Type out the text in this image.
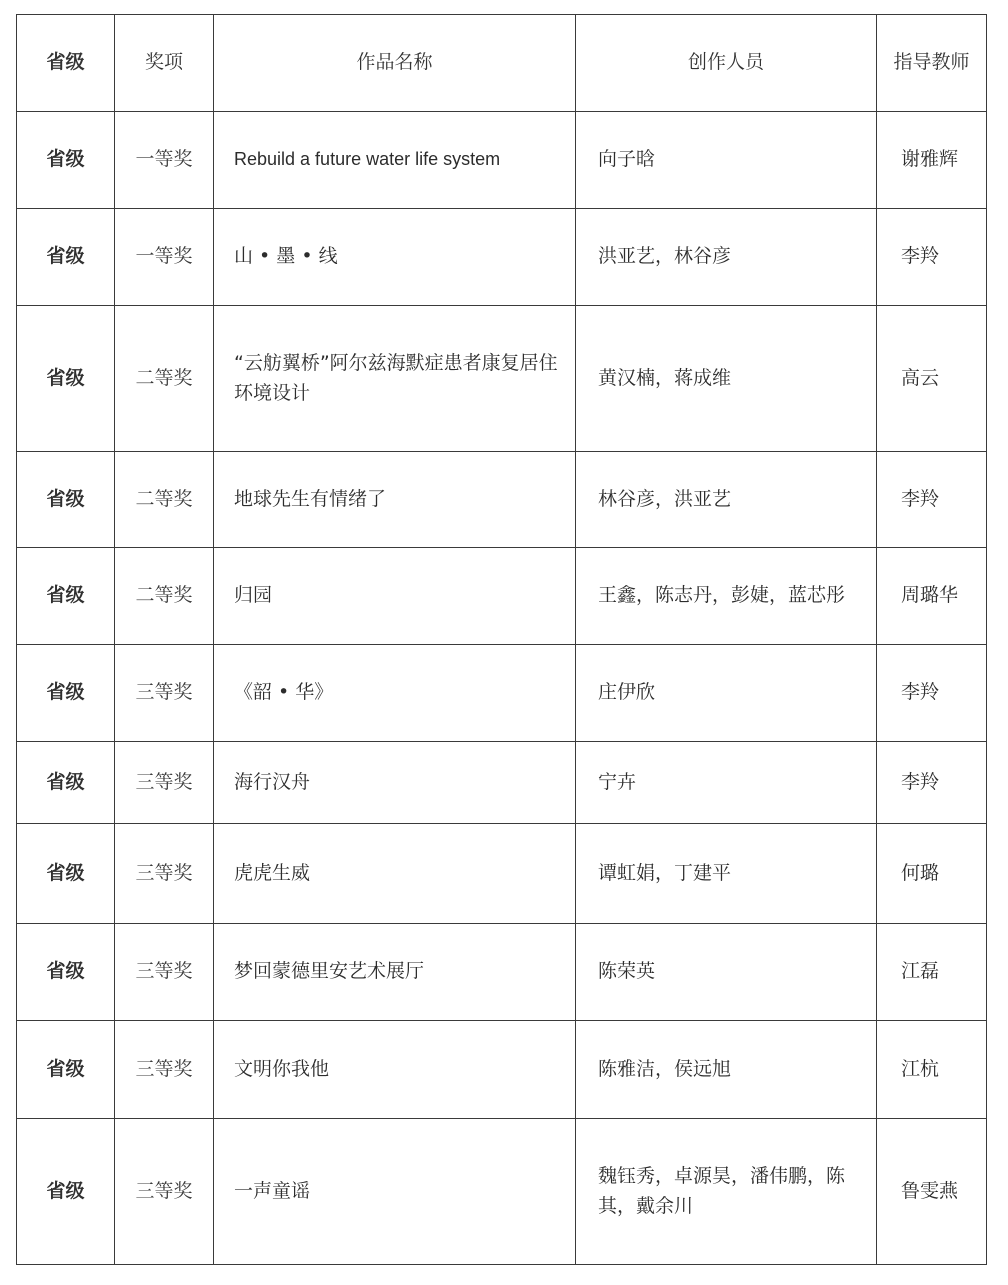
省级	奖项	作品名称	创作人员	指导教师
省级	一等奖	Rebuild a future water life system	向子晗	谢雅辉
省级	一等奖	山 • 墨 • 线	洪亚艺，林谷彦	李羚
省级	二等奖	“云舫翼桥”阿尔兹海默症患者康复居住环境设计	黄汉楠，蒋成维	高云
省级	二等奖	地球先生有情绪了	林谷彦，洪亚艺	李羚
省级	二等奖	归园	王鑫，陈志丹，彭婕，蓝芯彤	周璐华
省级	三等奖	《韶 • 华》	庄伊欣	李羚
省级	三等奖	海行汉舟	宁卉	李羚
省级	三等奖	虎虎生威	谭虹娟，丁建平	何璐
省级	三等奖	梦回蒙德里安艺术展厅	陈荣英	江磊
省级	三等奖	文明你我他	陈雅洁，侯远旭	江杭
省级	三等奖	一声童谣	魏钰秀，卓源昊，潘伟鹏，陈其，戴余川	鲁雯燕
